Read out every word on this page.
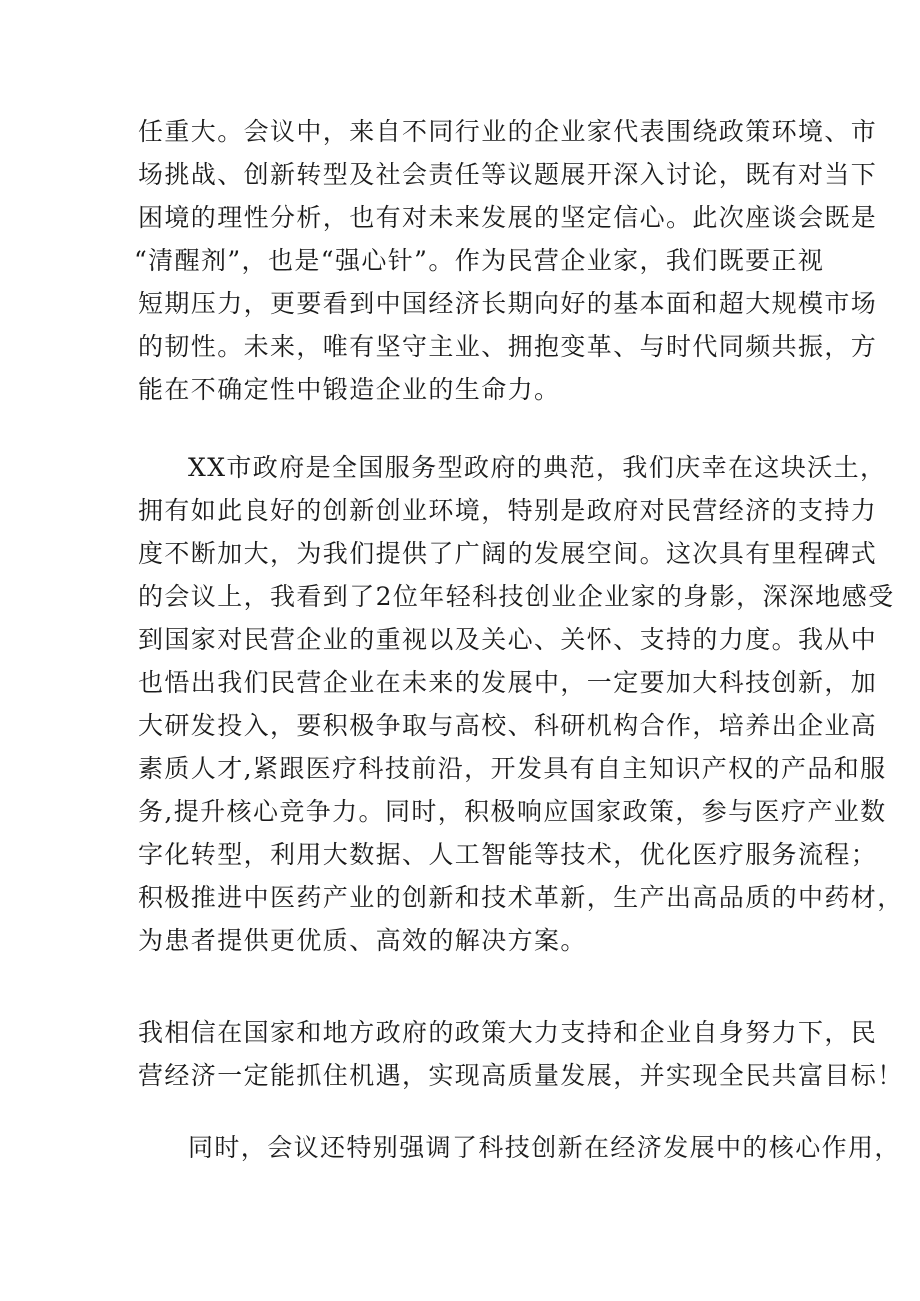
任重大。会议中，来自不同行业的企业家代表围绕政策环境、市
场挑战、创新转型及社会责任等议题展开深入讨论，既有对当下
困境的理性分析，也有对未来发展的坚定信心。此次座谈会既是
“清醒剂”，也是“强心针”。作为民营企业家，我们既要正视
短期压力，更要看到中国经济长期向好的基本面和超大规模市场
的韧性。未来，唯有坚守主业、拥抱变革、与时代同频共振，方
能在不确定性中锻造企业的生命力。
XX市政府是全国服务型政府的典范，我们庆幸在这块沃土，
拥有如此良好的创新创业环境，特别是政府对民营经济的支持力
度不断加大，为我们提供了广阔的发展空间。这次具有里程碑式
的会议上，我看到了2位年轻科技创业企业家的身影，深深地感受
到国家对民营企业的重视以及关心、关怀、支持的力度。我从中
也悟出我们民营企业在未来的发展中，一定要加大科技创新，加
大研发投入，要积极争取与高校、科研机构合作，培养出企业高
素质人才,紧跟医疗科技前沿，开发具有自主知识产权的产品和服
务,提升核心竞争力。同时，积极响应国家政策，参与医疗产业数
字化转型，利用大数据、人工智能等技术，优化医疗服务流程；
积极推进中医药产业的创新和技术革新，生产出高品质的中药材，
为患者提供更优质、高效的解决方案。
我相信在国家和地方政府的政策大力支持和企业自身努力下，民
营经济一定能抓住机遇，实现高质量发展，并实现全民共富目标！
同时，会议还特别强调了科技创新在经济发展中的核心作用，
